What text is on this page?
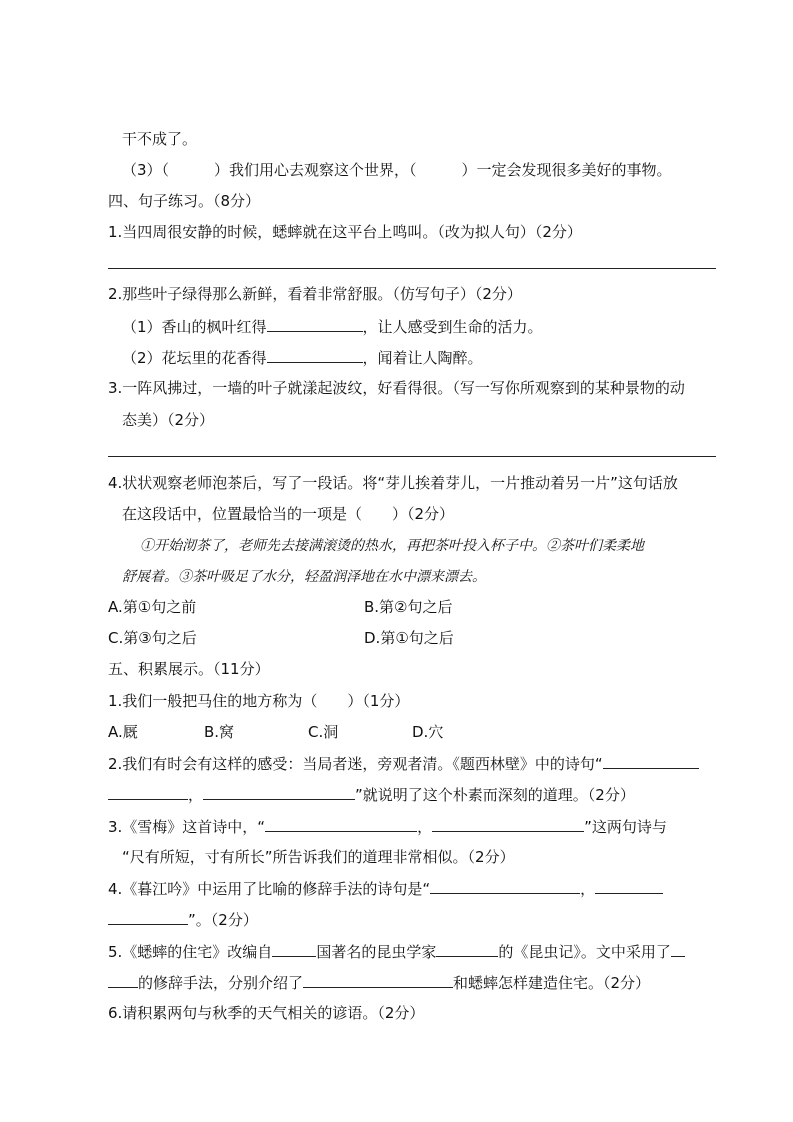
干不成了。
（3）（　　　）我们用心去观察这个世界，（　　　）一定会发现很多美好的事物。
四、句子练习。（8分）
1.当四周很安静的时候，蟋蟀就在这平台上鸣叫。（改为拟人句）（2分）
2.那些叶子绿得那么新鲜，看着非常舒服。（仿写句子）（2分）
（1）香山的枫叶红得	，让人感受到生命的活力。
（2）花坛里的花香得	，闻着让人陶醉。
3.一阵风拂过，一墙的叶子就漾起波纹，好看得很。（写一写你所观察到的某种景物的动
态美）（2分）
4.状状观察老师泡茶后，写了一段话。将“芽儿挨着芽儿，一片推动着另一片”这句话放
在这段话中，位置最恰当的一项是（　　）（2分）
①开始沏茶了，老师先去接满滚烫的热水，再把茶叶投入杯子中。②茶叶们柔柔地
舒展着。③茶叶吸足了水分，轻盈润泽地在水中漂来漂去。
A.第①句之前	B.第②句之后
C.第③句之后	D.第①句之后
五、积累展示。（11分）
1.我们一般把马住的地方称为（　　）（1分）
A.厩	B.窝	C.洞	D.穴
2.我们有时会有这样的感受：当局者迷，旁观者清。《题西林壁》中的诗句“
，	”就说明了这个朴素而深刻的道理。（2分）
3.《雪梅》这首诗中，“	，	”这两句诗与
“尺有所短，寸有所长”所告诉我们的道理非常相似。（2分）
4.《暮江吟》中运用了比喻的修辞手法的诗句是“	，
”。（2分）
5.《蟋蟀的住宅》改编自	国著名的昆虫学家	的《昆虫记》。文中采用了
的修辞手法，分别介绍了	和蟋蟀怎样建造住宅。（2分）
6.请积累两句与秋季的天气相关的谚语。（2分）
